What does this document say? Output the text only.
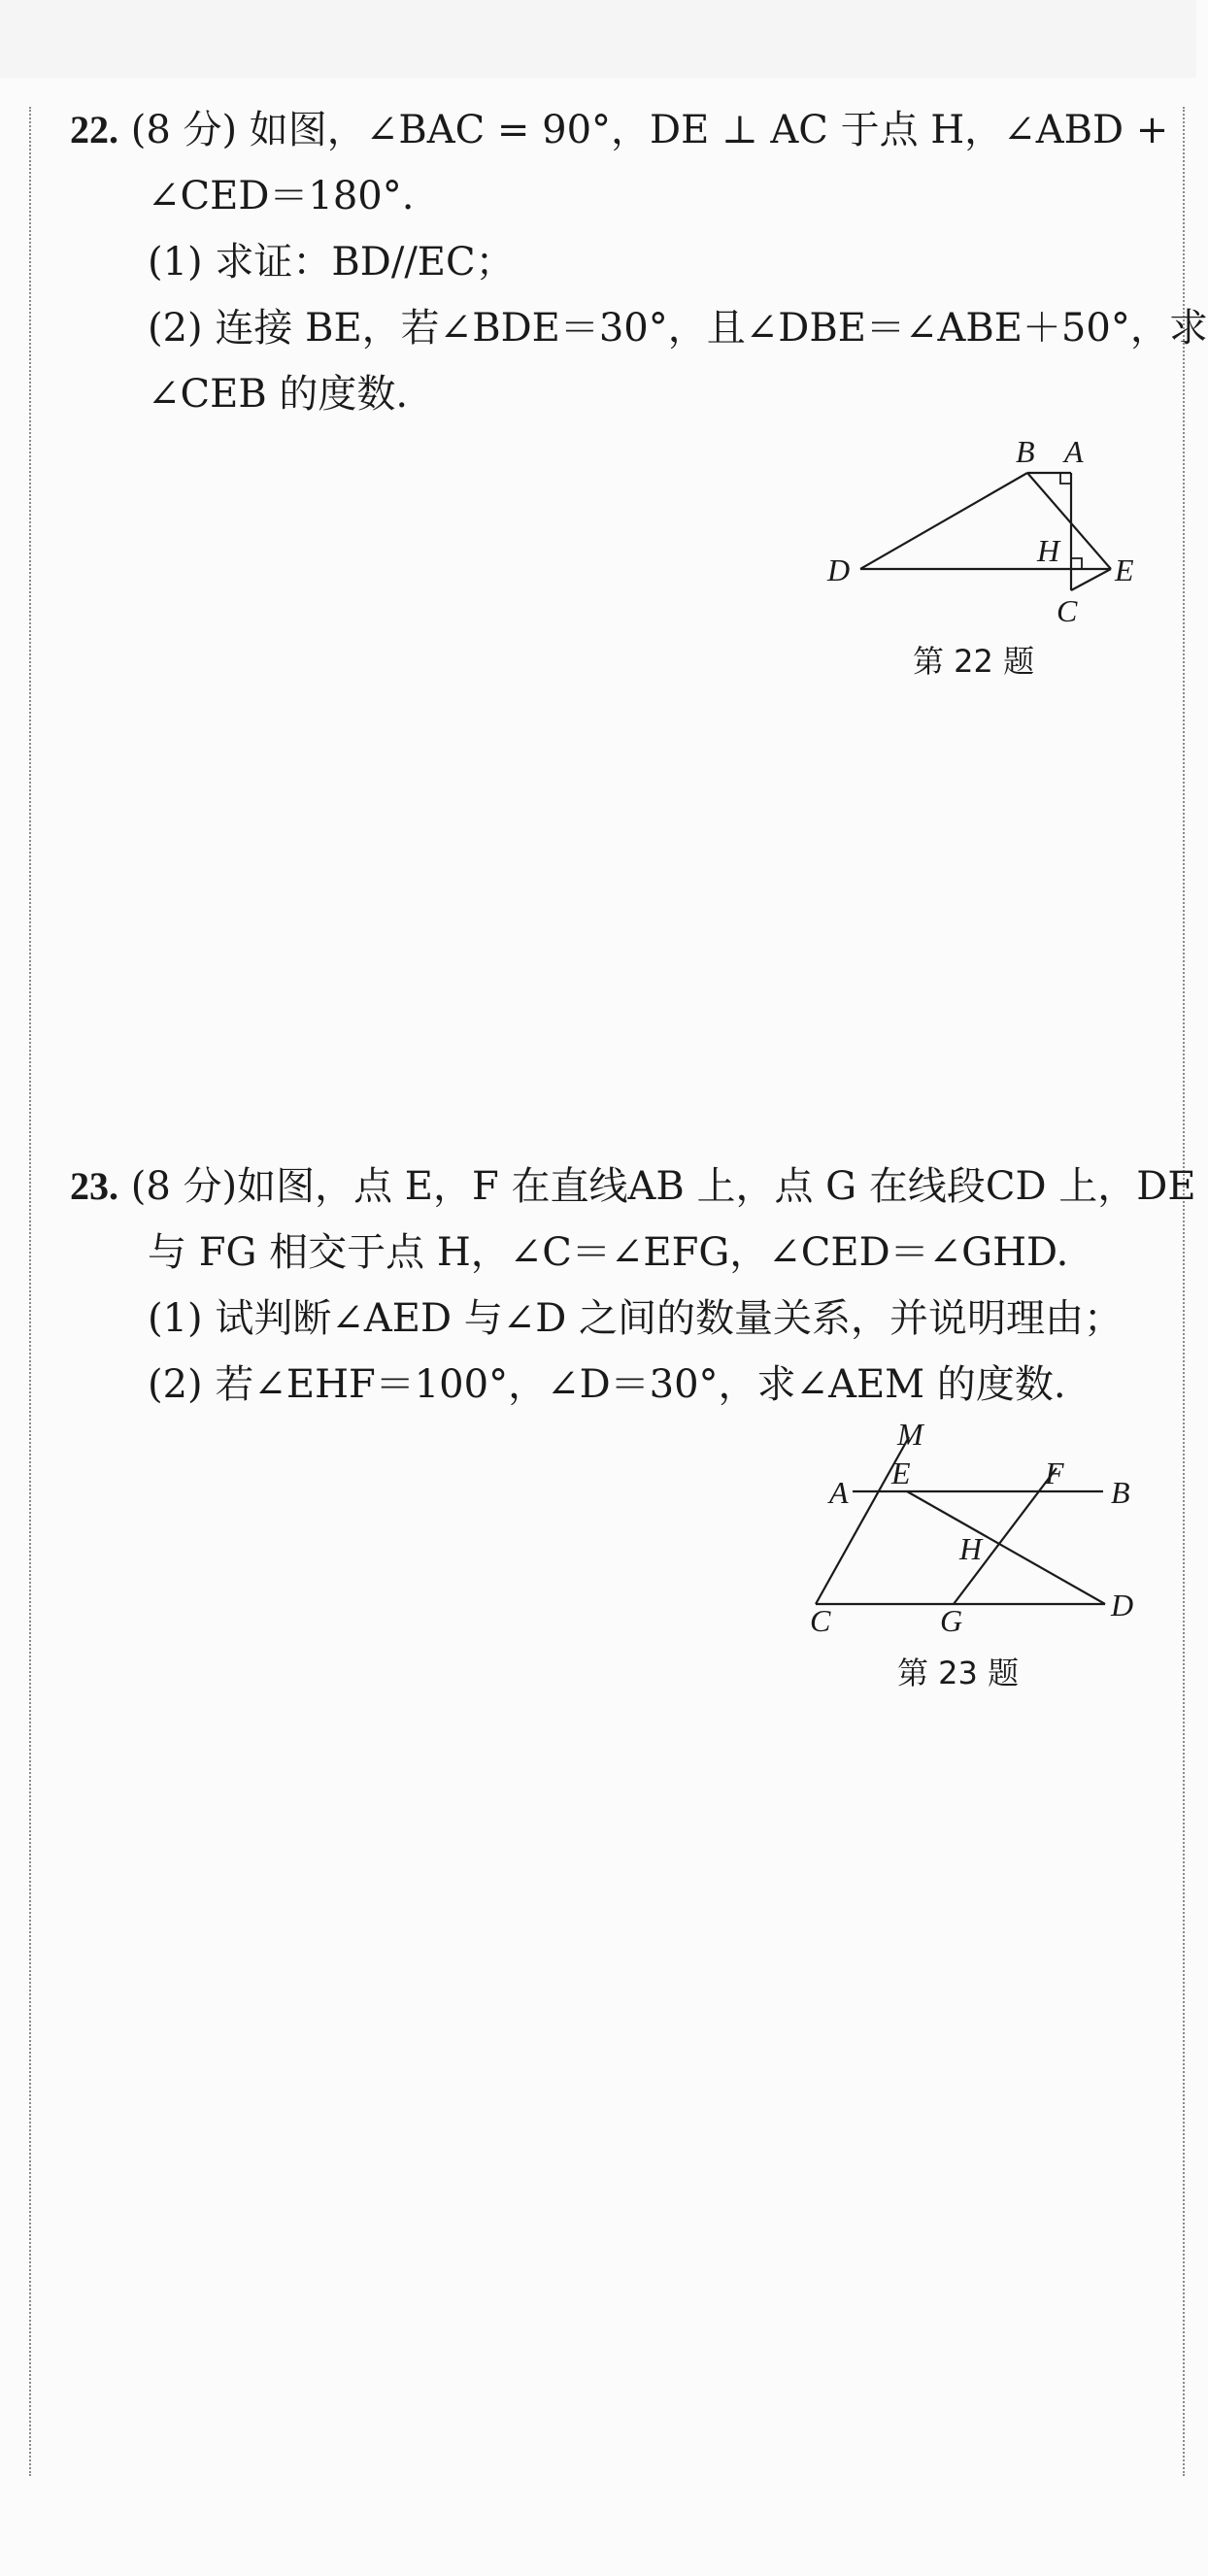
22. (8 分) 如图，∠BAC = 90°，DE ⊥ AC 于点 H，∠ABD +
∠CED＝180°.
(1) 求证：BD//EC；
(2) 连接 BE，若∠BDE＝30°，且∠DBE＝∠ABE＋50°，求
∠CEB 的度数.
B A
D
H
E
C
第 22 题
23. (8 分)如图，点 E，F 在直线AB 上，点 G 在线段CD 上，DE
与 FG 相交于点 H，∠C＝∠EFG，∠CED＝∠GHD.
(1) 试判断∠AED 与∠D 之间的数量关系，并说明理由；
(2) 若∠EHF＝100°，∠D＝30°，求∠AEM 的度数.
M
A
E	F
B
H
D
C	G
第 23 题
